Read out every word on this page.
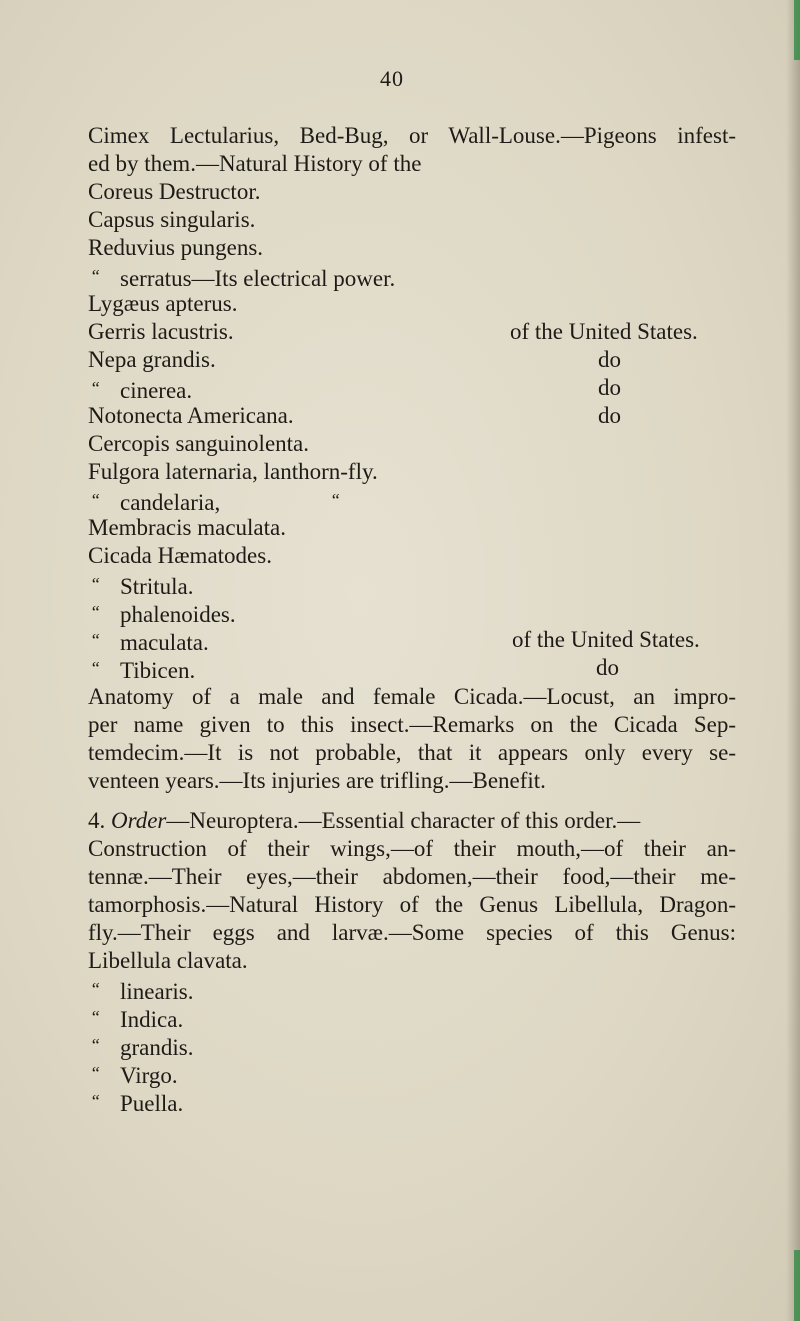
40
Cimex Lectularius, Bed-Bug, or Wall-Louse.—Pigeons infest-
ed by them.—Natural History of the
Coreus Destructor.
Capsus singularis.
Reduvius pungens.
“ serratus—Its electrical power.
Lygæus apterus.
Gerris lacustris.	of the United States.
Nepa grandis.	do
“ cinerea.	do
Notonecta Americana.	do
Cercopis sanguinolenta.
Fulgora laternaria, lanthorn-fly.
“ candelaria,	“
Membracis maculata.
Cicada Hæmatodes.
“ Stritula.
“ phalenoides.
“ maculata.	of the United States.
“ Tibicen.	do
Anatomy of a male and female Cicada.—Locust, an impro-
per name given to this insect.—Remarks on the Cicada Sep-
temdecim.—It is not probable, that it appears only every se-
venteen years.—Its injuries are trifling.—Benefit.
4. Order—Neuroptera.—Essential character of this order.—
Construction of their wings,—of their mouth,—of their an-
tennæ.—Their eyes,—their abdomen,—their food,—their me-
tamorphosis.—Natural History of the Genus Libellula, Dragon-
fly.—Their eggs and larvæ.—Some species of this Genus:
Libellula clavata.
“ linearis.
“ Indica.
“ grandis.
“ Virgo.
“ Puella.
